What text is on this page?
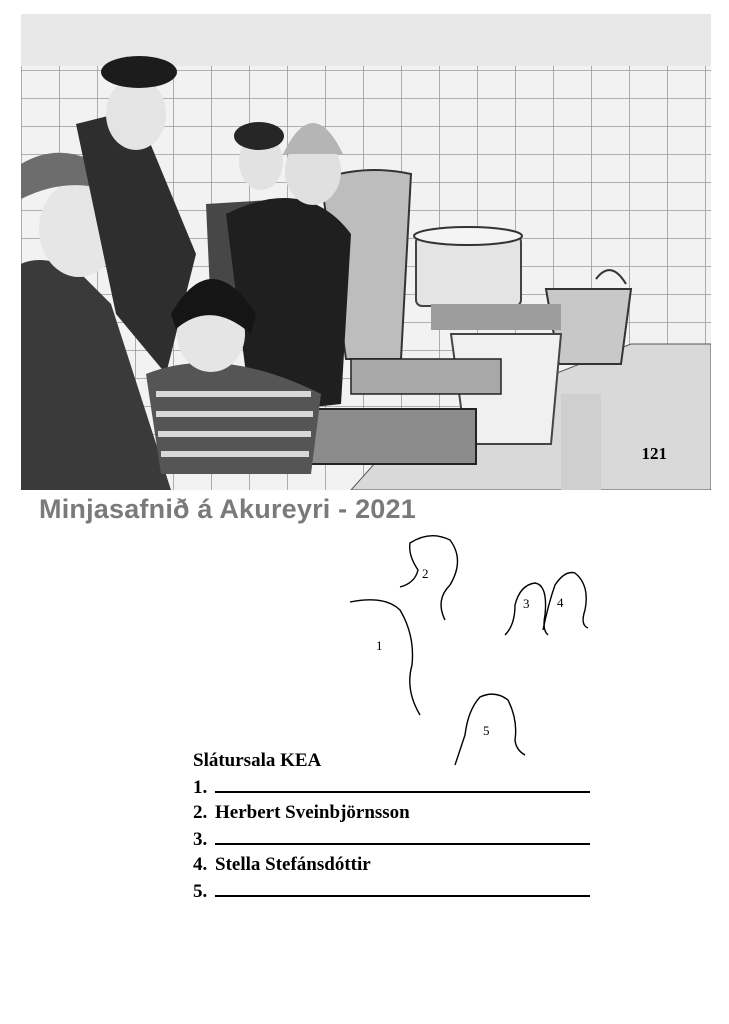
121
Minjasafnið á Akureyri - 2021
1
2
3 4
5
Slátursala KEA
1.
2. Herbert Sveinbjörnsson
3.
4. Stella Stefánsdóttir
5.
